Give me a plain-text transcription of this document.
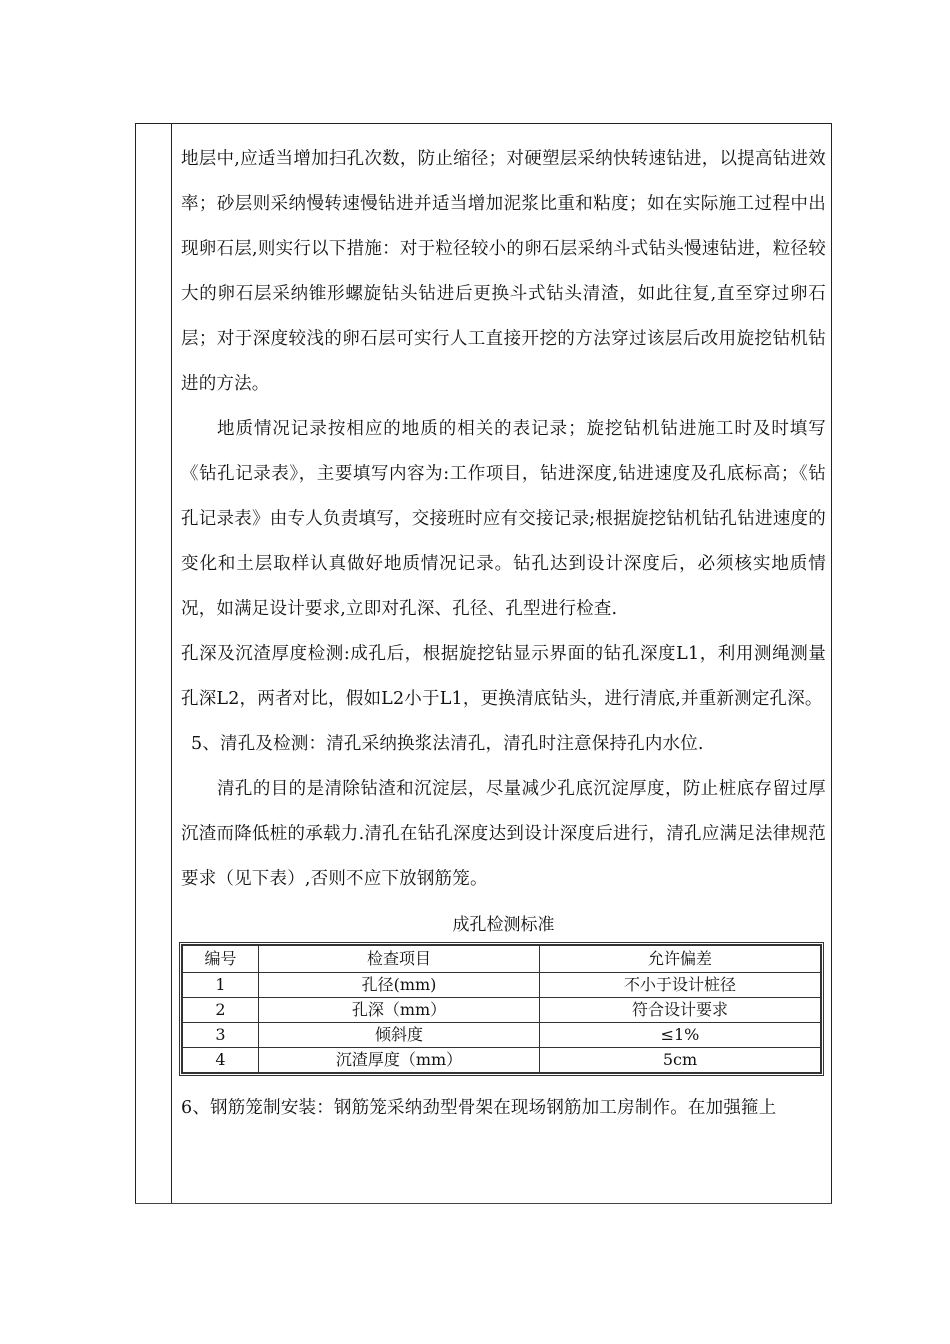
地层中,应适当增加扫孔次数，防止缩径；对硬塑层采纳快转速钻进，以提高钻进效率；砂层则采纳慢转速慢钻进并适当增加泥浆比重和粘度；如在实际施工过程中出现卵石层,则实行以下措施：对于粒径较小的卵石层采纳斗式钻头慢速钻进，粒径较大的卵石层采纳锥形螺旋钻头钻进后更换斗式钻头清渣，如此往复,直至穿过卵石层；对于深度较浅的卵石层可实行人工直接开挖的方法穿过该层后改用旋挖钻机钻进的方法。

地质情况记录按相应的地质的相关的表记录；旋挖钻机钻进施工时及时填写《钻孔记录表》，主要填写内容为:工作项目，钻进深度,钻进速度及孔底标高；《钻孔记录表》由专人负责填写，交接班时应有交接记录;根据旋挖钻机钻孔钻进速度的变化和土层取样认真做好地质情况记录。钻孔达到设计深度后，必须核实地质情况，如满足设计要求,立即对孔深、孔径、孔型进行检查.

孔深及沉渣厚度检测:成孔后，根据旋挖钻显示界面的钻孔深度L1，利用测绳测量孔深L2，两者对比，假如L2小于L1，更换清底钻头，进行清底,并重新测定孔深。

5、清孔及检测：清孔采纳换浆法清孔，清孔时注意保持孔内水位.

清孔的目的是清除钻渣和沉淀层，尽量减少孔底沉淀厚度，防止桩底存留过厚沉渣而降低桩的承载力.清孔在钻孔深度达到设计深度后进行，清孔应满足法律规范要求（见下表）,否则不应下放钢筋笼。

成孔检测标准
编号	检查项目	允许偏差
1	孔径(mm)	不小于设计桩径
2	孔深（mm）	符合设计要求
3	倾斜度	≤1%
4	沉渣厚度（mm）	5cm

6、钢筋笼制安装：钢筋笼采纳劲型骨架在现场钢筋加工房制作。在加强箍上
